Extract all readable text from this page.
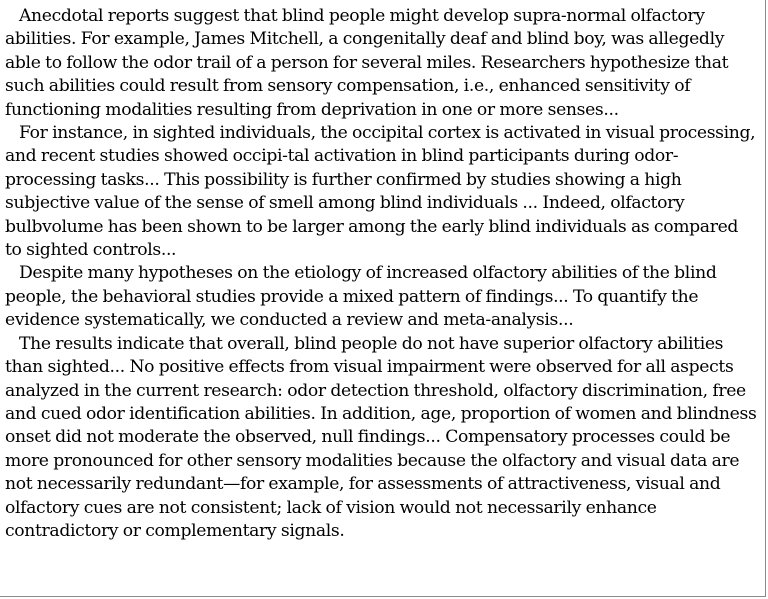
Anecdotal reports suggest that blind people might develop supra-normal olfactory abilities. For example, James Mitchell, a congenitally deaf and blind boy, was allegedly able to follow the odor trail of a person for several miles. Researchers hypothesize that such abilities could result from sensory compensation, i.e., enhanced sensitivity of functioning modalities resulting from deprivation in one or more senses...

For instance, in sighted individuals, the occipital cortex is activated in visual processing, and recent studies showed occipi-tal activation in blind participants during odor-processing tasks... This possibility is further confirmed by studies showing a high subjective value of the sense of smell among blind individuals ... Indeed, olfactory bulbvolume has been shown to be larger among the early blind individuals as compared to sighted controls...

Despite many hypotheses on the etiology of increased olfactory abilities of the blind people, the behavioral studies provide a mixed pattern of findings... To quantify the evidence systematically, we conducted a review and meta-analysis...

The results indicate that overall, blind people do not have superior olfactory abilities than sighted... No positive effects from visual impairment were observed for all aspects analyzed in the current research: odor detection threshold, olfactory discrimination, free and cued odor identification abilities. In addition, age, proportion of women and blindness onset did not moderate the observed, null findings... Compensatory processes could be more pronounced for other sensory modalities because the olfactory and visual data are not necessarily redundant—for example, for assessments of attractiveness, visual and olfactory cues are not consistent; lack of vision would not necessarily enhance contradictory or complementary signals.
